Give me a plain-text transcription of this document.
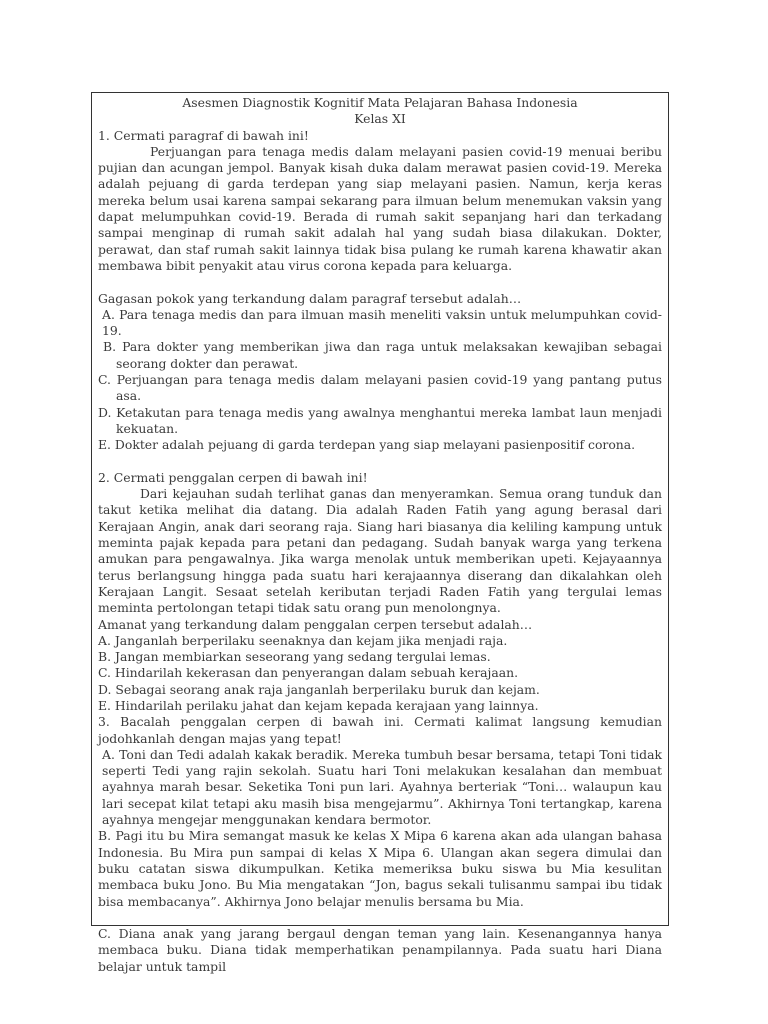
Asesmen Diagnostik Kognitif Mata Pelajaran Bahasa Indonesia
Kelas XI

1. Cermati paragraf di bawah ini!

Perjuangan para tenaga medis dalam melayani pasien covid-19 menuai beribu pujian dan acungan jempol. Banyak kisah duka dalam merawat pasien covid-19. Mereka adalah pejuang di garda terdepan yang siap melayani pasien. Namun, kerja keras mereka belum usai karena sampai sekarang para ilmuan belum menemukan vaksin yang dapat melumpuhkan covid-19. Berada di rumah sakit sepanjang hari dan terkadang sampai menginap di rumah sakit adalah hal yang sudah biasa dilakukan. Dokter, perawat, dan staf rumah sakit lainnya tidak bisa pulang ke rumah karena khawatir akan membawa bibit penyakit atau virus corona kepada para keluarga.

Gagasan pokok yang terkandung dalam paragraf tersebut adalah…

A. Para tenaga medis dan para ilmuan masih meneliti vaksin untuk melumpuhkan covid-19.

B. Para dokter yang memberikan jiwa dan raga untuk melaksakan kewajiban sebagai seorang dokter dan perawat.

C. Perjuangan para tenaga medis dalam melayani pasien covid-19 yang pantang putus asa.

D. Ketakutan para tenaga medis yang awalnya menghantui mereka lambat laun menjadi kekuatan.

E. Dokter adalah pejuang di garda terdepan yang siap melayani pasienpositif corona.

2. Cermati penggalan cerpen di bawah ini!

Dari kejauhan sudah terlihat ganas dan menyeramkan. Semua orang tunduk dan takut ketika melihat dia datang. Dia adalah Raden Fatih yang agung berasal dari Kerajaan Angin, anak dari seorang raja. Siang hari biasanya dia keliling kampung untuk meminta pajak kepada para petani dan pedagang. Sudah banyak warga yang terkena amukan para pengawalnya. Jika warga menolak untuk memberikan upeti. Kejayaannya terus berlangsung hingga pada suatu hari kerajaannya diserang dan dikalahkan oleh Kerajaan Langit. Sesaat setelah keributan terjadi Raden Fatih yang tergulai lemas meminta pertolongan tetapi tidak satu orang pun menolongnya.

Amanat yang terkandung dalam penggalan cerpen tersebut adalah…

A. Janganlah berperilaku seenaknya dan kejam jika menjadi raja.

B. Jangan membiarkan seseorang yang sedang tergulai lemas.

C. Hindarilah kekerasan dan penyerangan dalam sebuah kerajaan.

D. Sebagai seorang anak raja janganlah berperilaku buruk dan kejam.

E. Hindarilah perilaku jahat dan kejam kepada kerajaan yang lainnya.

3. Bacalah penggalan cerpen di bawah ini. Cermati kalimat langsung kemudian jodohkanlah dengan majas yang tepat!

A. Toni dan Tedi adalah kakak beradik. Mereka tumbuh besar bersama, tetapi Toni tidak seperti Tedi yang rajin sekolah. Suatu hari Toni melakukan kesalahan dan membuat ayahnya marah besar. Seketika Toni pun lari. Ayahnya berteriak “Toni… walaupun kau lari secepat kilat tetapi aku masih bisa mengejarmu”. Akhirnya Toni tertangkap, karena ayahnya mengejar menggunakan kendara bermotor.

B. Pagi itu bu Mira semangat masuk ke kelas X Mipa 6 karena akan ada ulangan bahasa Indonesia. Bu Mira pun sampai di kelas X Mipa 6. Ulangan akan segera dimulai dan buku catatan siswa dikumpulkan. Ketika memeriksa buku siswa bu Mia kesulitan membaca buku Jono. Bu Mia mengatakan “Jon, bagus sekali tulisanmu sampai ibu tidak bisa membacanya”. Akhirnya Jono belajar menulis bersama bu Mia.

C. Diana anak yang jarang bergaul dengan teman yang lain. Kesenangannya hanya membaca buku. Diana tidak memperhatikan penampilannya. Pada suatu hari Diana belajar untuk tampil
